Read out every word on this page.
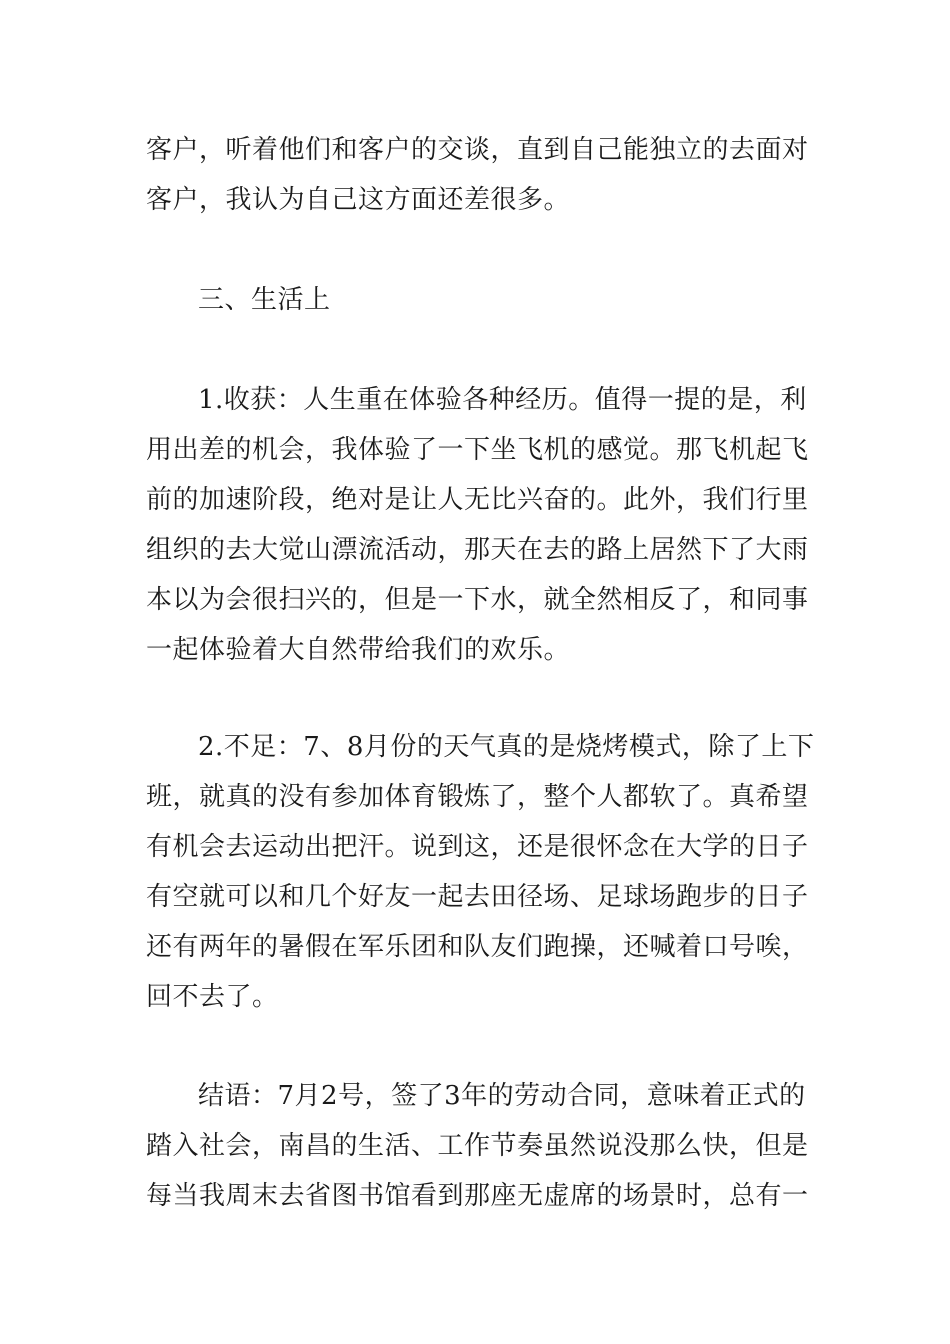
客户，听着他们和客户的交谈，直到自己能独立的去面对
客户，我认为自己这方面还差很多。
三、生活上
1.收获：人生重在体验各种经历。值得一提的是，利
用出差的机会，我体验了一下坐飞机的感觉。那飞机起飞
前的加速阶段，绝对是让人无比兴奋的。此外，我们行里
组织的去大觉山漂流活动，那天在去的路上居然下了大雨
本以为会很扫兴的，但是一下水，就全然相反了，和同事
一起体验着大自然带给我们的欢乐。
2.不足：7、8月份的天气真的是烧烤模式，除了上下
班，就真的没有参加体育锻炼了，整个人都软了。真希望
有机会去运动出把汗。说到这，还是很怀念在大学的日子
有空就可以和几个好友一起去田径场、足球场跑步的日子
还有两年的暑假在军乐团和队友们跑操，还喊着口号唉，
回不去了。
结语：7月2号，签了3年的劳动合同，意味着正式的
踏入社会，南昌的生活、工作节奏虽然说没那么快，但是
每当我周末去省图书馆看到那座无虚席的场景时，总有一
